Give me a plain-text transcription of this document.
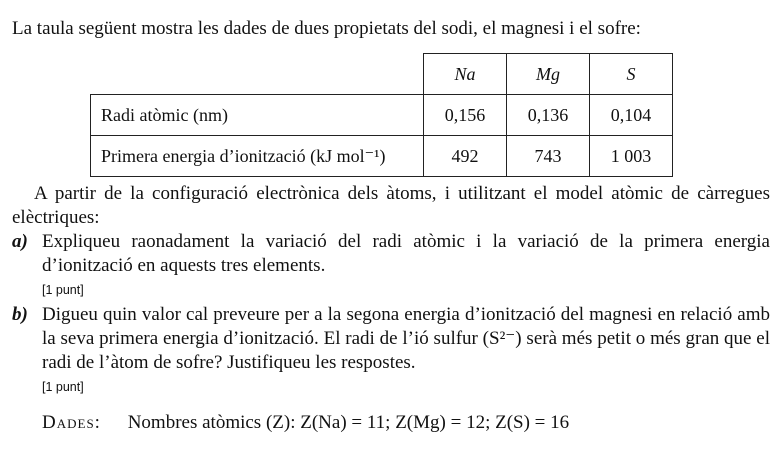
La taula següent mostra les dades de dues propietats del sodi, el magnesi i el sofre:
	Na	Mg	S
Radi atòmic (nm)	0,156	0,136	0,104
Primera energia d’ionització (kJ mol⁻¹)	492	743	1 003

A partir de la configuració electrònica dels àtoms, i utilitzant el model atòmic de càrregues elèctriques:

a) Expliqueu raonadament la variació del radi atòmic i la variació de la primera energia d’ionització en aquests tres elements.

[1 punt]

b) Digueu quin valor cal preveure per a la segona energia d’ionització del magnesi en relació amb la seva primera energia d’ionització. El radi de l’ió sulfur (S²⁻) serà més petit o més gran que el radi de l’àtom de sofre? Justifiqueu les respostes.

[1 punt]
Dades: Nombres atòmics (Z): Z(Na) = 11; Z(Mg) = 12; Z(S) = 16
